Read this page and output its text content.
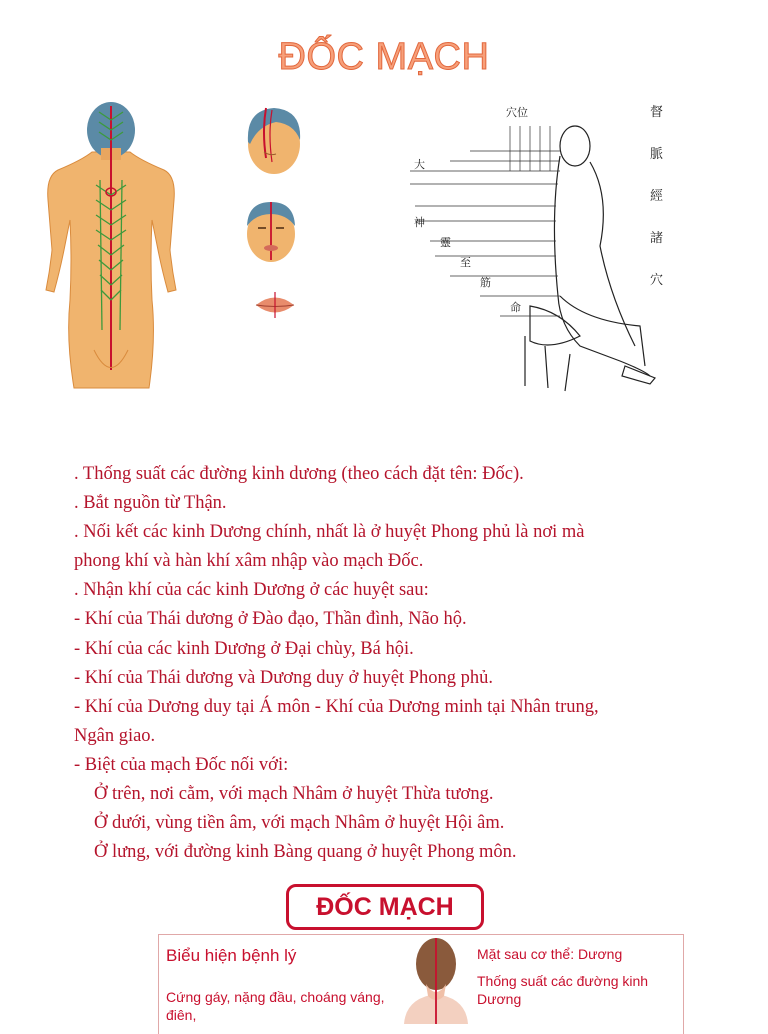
ĐỐC MẠCH
穴位
大
神
靈
至
筋
命
督
脈
經
諸
穴
. Thống suất các đường kinh dương (theo cách đặt tên: Đốc).
. Bắt nguồn từ Thận.
. Nối kết các kinh Dương chính, nhất là ở huyệt Phong phủ là nơi mà
phong khí và hàn khí xâm nhập vào mạch Đốc.
. Nhận khí của các kinh Dương ở các huyệt sau:
- Khí của Thái dương ở Đào đạo, Thần đình, Não hộ.
- Khí của các kinh Dương ở Đại chùy, Bá hội.
- Khí của Thái dương và Dương duy ở huyệt Phong phủ.
- Khí của Dương duy tại Á môn - Khí của Dương minh tại Nhân trung,
Ngân giao.
- Biệt của mạch Đốc nối với:
Ở trên, nơi cằm, với mạch Nhâm ở huyệt Thừa tương.
Ở dưới, vùng tiền âm, với mạch Nhâm ở huyệt Hội âm.
Ở lưng, với đường kinh Bàng quang ở huyệt Phong môn.
ĐỐC MẠCH
Biểu hiện bệnh lý
Cứng gáy, nặng đầu, choáng váng, điên,
Mặt sau cơ thể: Dương
Thống suất các đường kinh Dương
